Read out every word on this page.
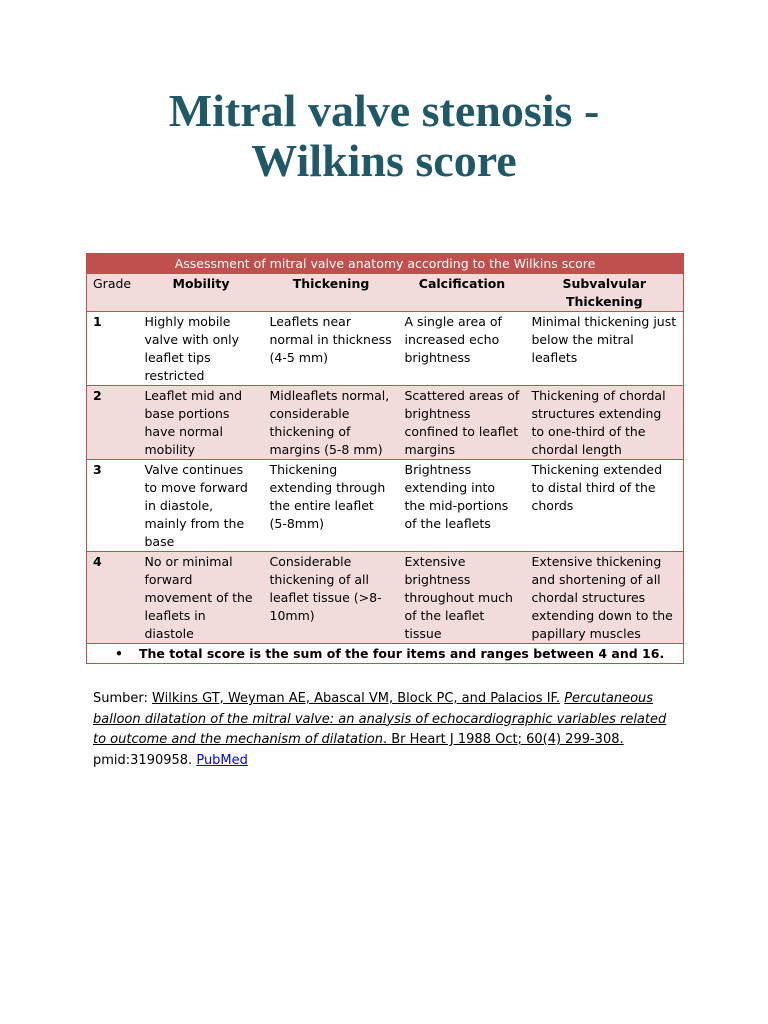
Mitral valve stenosis -
Wilkins score
Assessment of mitral valve anatomy according to the Wilkins score				
Grade	Mobility	Thickening	Calcification	Subvalvular Thickening
1	Highly mobile valve with only leaflet tips restricted	Leaflets near normal in thickness (4-5 mm)	A single area of increased echo brightness	Minimal thickening just below the mitral leaflets
2	Leaflet mid and base portions have normal mobility	Midleaflets normal, considerable thickening of margins (5-8 mm)	Scattered areas of brightness confined to leaflet margins	Thickening of chordal structures extending to one-third of the chordal length
3	Valve continues to move forward in diastole, mainly from the base	Thickening extending through the entire leaflet (5-8mm)	Brightness extending into the mid-portions of the leaflets	Thickening extended to distal third of the chords
4	No or minimal forward movement of the leaflets in diastole	Considerable thickening of all leaflet tissue (>8-10mm)	Extensive brightness throughout much of the leaflet tissue	Extensive thickening and shortening of all chordal structures extending down to the papillary muscles
• The total score is the sum of the four items and ranges between 4 and 16.				
Sumber: Wilkins GT, Weyman AE, Abascal VM, Block PC, and Palacios IF. Percutaneous balloon dilatation of the mitral valve: an analysis of echocardiographic variables related to outcome and the mechanism of dilatation. Br Heart J 1988 Oct; 60(4) 299-308.
pmid:3190958. PubMed
